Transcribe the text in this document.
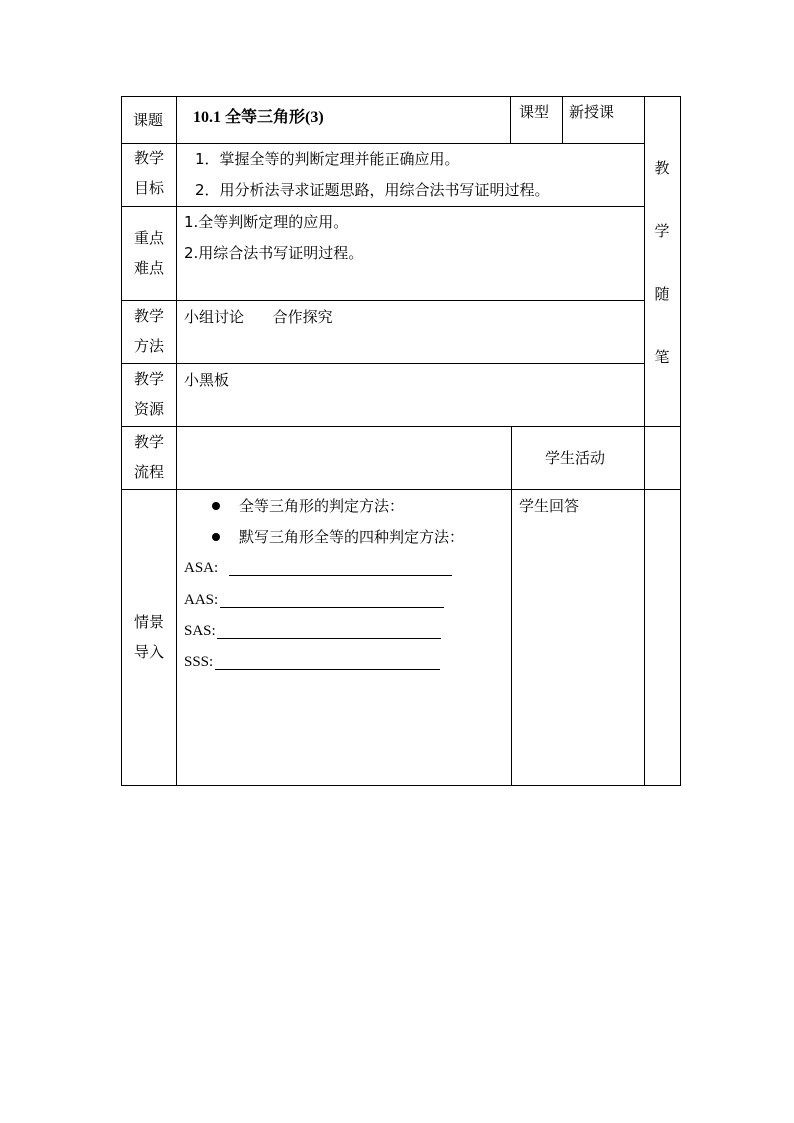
课题 10.1 全等三角形(3)	课型 新授课
教
学
随
笔
教学
目标
1．掌握全等的判断定理并能正确应用。
2．用分析法寻求证题思路，用综合法书写证明过程。
重点
难点
1.全等判断定理的应用。
2.用综合法书写证明过程。
教学
方法
小组讨论      合作探究
教学
资源
小黑板
教学
流程
学生活动
情景
导入
全等三角形的判定方法：
默写三角形全等的四种判定方法：
ASA:
AAS:
SAS:
SSS:
学生回答
